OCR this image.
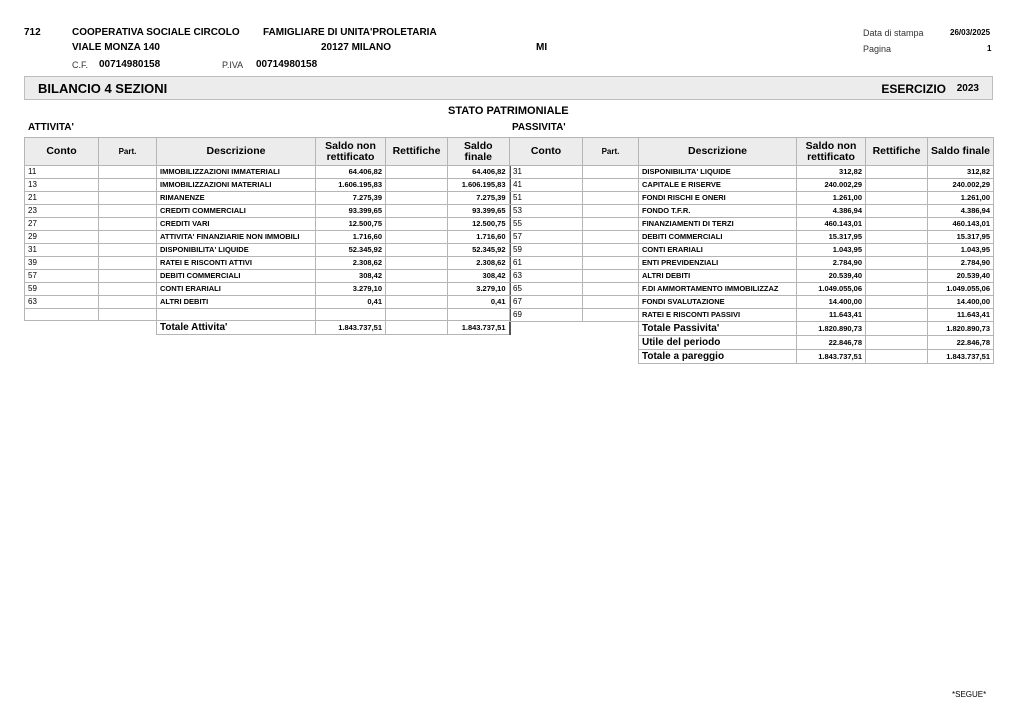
712	COOPERATIVA SOCIALE CIRCOLO FAMIGLIARE DI UNITA'PROLETARIA
VIALE MONZA 140	20127 MILANO	MI
C.F. 00714980158	P.IVA 00714980158
Data di stampa	26/03/2025
Pagina	1
BILANCIO 4 SEZIONI	ESERCIZIO 2023
STATO PATRIMONIALE
ATTIVITA'	PASSIVITA'
Conto	Part.	Descrizione	Saldo non rettificato	Rettifiche	Saldo finale
11		IMMOBILIZZAZIONI IMMATERIALI	64.406,82		64.406,82
13		IMMOBILIZZAZIONI MATERIALI	1.606.195,83		1.606.195,83
21		RIMANENZE	7.275,39		7.275,39
23		CREDITI COMMERCIALI	93.399,65		93.399,65
27		CREDITI VARI	12.500,75		12.500,75
29		ATTIVITA' FINANZIARIE NON IMMOBILI	1.716,60		1.716,60
31		DISPONIBILITA' LIQUIDE	52.345,92		52.345,92
39		RATEI E RISCONTI ATTIVI	2.308,62		2.308,62
57		DEBITI COMMERCIALI	308,42		308,42
59		CONTI ERARIALI	3.279,10		3.279,10
63		ALTRI DEBITI	0,41		0,41

		Totale Attivita'	1.843.737,51		1.843.737,51
Conto	Part.	Descrizione	Saldo non rettificato	Rettifiche	Saldo finale
31		DISPONIBILITA' LIQUIDE	312,82		312,82
41		CAPITALE E RISERVE	240.002,29		240.002,29
51		FONDI RISCHI E ONERI	1.261,00		1.261,00
53		FONDO T.F.R.	4.386,94		4.386,94
55		FINANZIAMENTI DI TERZI	460.143,01		460.143,01
57		DEBITI COMMERCIALI	15.317,95		15.317,95
59		CONTI ERARIALI	1.043,95		1.043,95
61		ENTI PREVIDENZIALI	2.784,90		2.784,90
63		ALTRI DEBITI	20.539,40		20.539,40
65		F.DI AMMORTAMENTO IMMOBILIZZAZ	1.049.055,06		1.049.055,06
67		FONDI SVALUTAZIONE	14.400,00		14.400,00
69		RATEI E RISCONTI PASSIVI	11.643,41		11.643,41
		Totale Passivita'	1.820.890,73		1.820.890,73
		Utile del periodo	22.846,78		22.846,78
		Totale a pareggio	1.843.737,51		1.843.737,51
*SEGUE*
